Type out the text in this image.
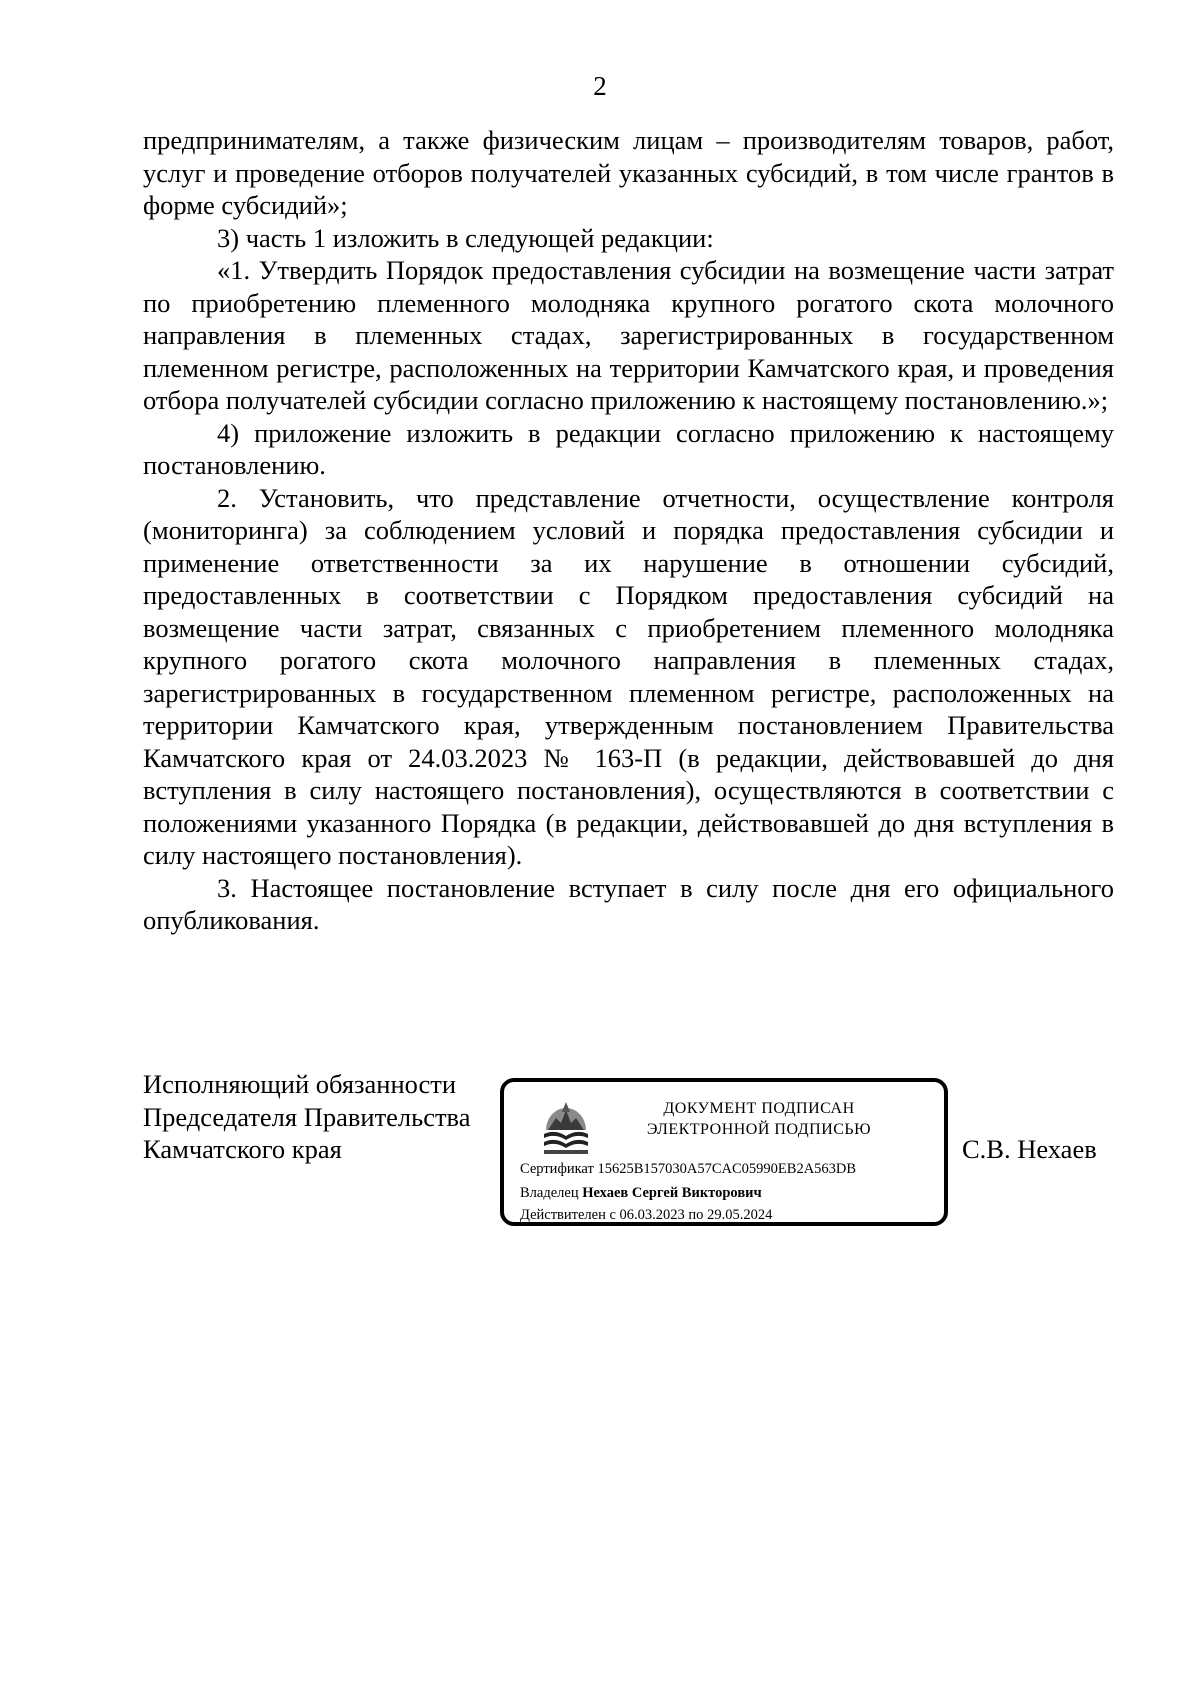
2

предпринимателям, а также физическим лицам – производителям товаров, работ, услуг и проведение отборов получателей указанных субсидий, в том числе грантов в форме субсидий»;

3) часть 1 изложить в следующей редакции:

«1. Утвердить Порядок предоставления субсидии на возмещение части затрат по приобретению племенного молодняка крупного рогатого скота молочного направления в племенных стадах, зарегистрированных в государственном племенном регистре, расположенных на территории Камчатского края, и проведения отбора получателей субсидии согласно приложению к настоящему постановлению.»;

4) приложение изложить в редакции согласно приложению к настоящему постановлению.

2. Установить, что представление отчетности, осуществление контроля (мониторинга) за соблюдением условий и порядка предоставления субсидии и применение ответственности за их нарушение в отношении субсидий, предоставленных в соответствии с Порядком предоставления субсидий на возмещение части затрат, связанных с приобретением племенного молодняка крупного рогатого скота молочного направления в племенных стадах, зарегистрированных в государственном племенном регистре, расположенных на территории Камчатского края, утвержденным постановлением Правительства Камчатского края от 24.03.2023 № 163-П (в редакции, действовавшей до дня вступления в силу настоящего постановления), осуществляются в соответствии с положениями указанного Порядка (в редакции, действовавшей до дня вступления в силу настоящего постановления).

3. Настоящее постановление вступает в силу после дня его официального опубликования.

Исполняющий обязанности
Председателя Правительства
Камчатского края
ДОКУМЕНТ ПОДПИСАН
ЭЛЕКТРОННОЙ ПОДПИСЬЮ
Сертификат 15625B157030A57CAC05990EB2A563DB
Владелец Нехаев Сергей Викторович
Действителен с 06.03.2023 по 29.05.2024
С.В. Нехаев
